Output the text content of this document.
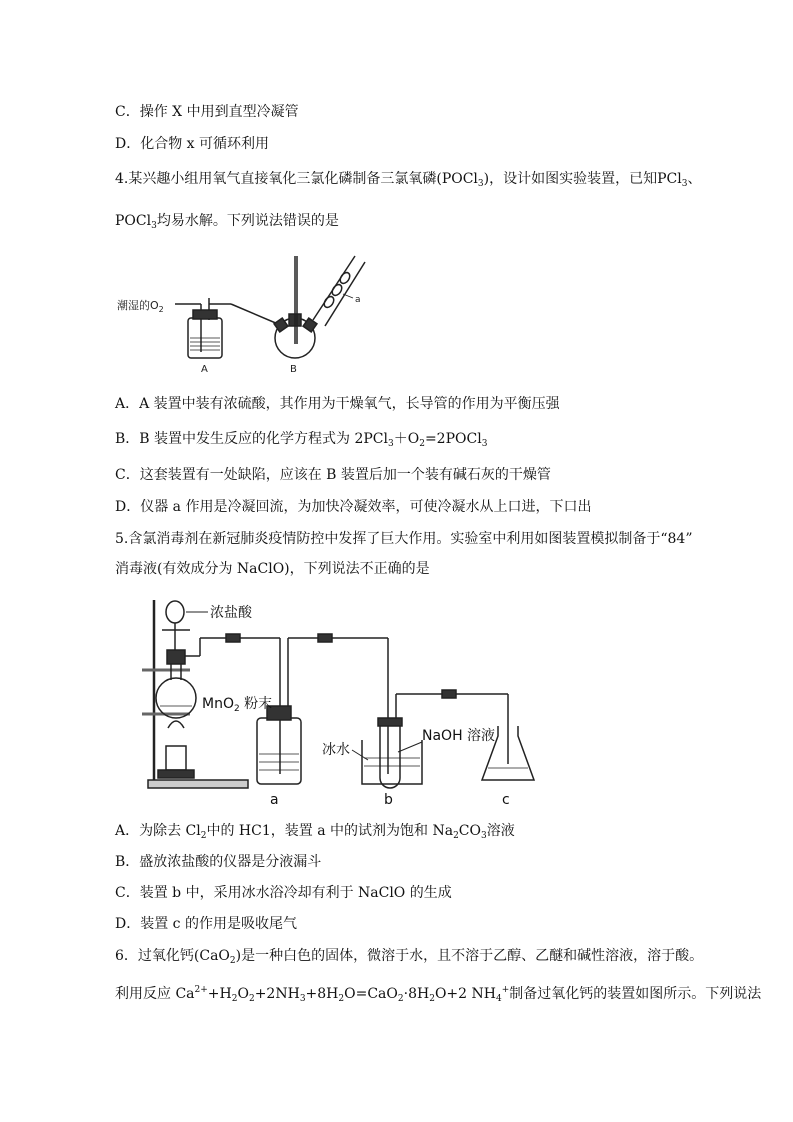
C．操作 X 中用到直型冷凝管
D．化合物 x 可循环利用
4.某兴趣小组用氧气直接氧化三氯化磷制备三氯氧磷(POCl$_3$)，设计如图实验装置，已知PCl$_3$、
POCl$_3$均易水解。下列说法错误的是
潮湿的$O_2$
A	B
a
A．A 装置中装有浓硫酸，其作用为干燥氧气，长导管的作用为平衡压强
B．B 装置中发生反应的化学方程式为 $2PCl_3+O_2=2POCl_3$
C．这套装置有一处缺陷，应该在 B 装置后加一个装有碱石灰的干燥管
D．仪器 a 作用是冷凝回流，为加快冷凝效率，可使冷凝水从上口进，下口出
5.含氯消毒剂在新冠肺炎疫情防控中发挥了巨大作用。实验室中利用如图装置模拟制备于“84”
消毒液(有效成分为 NaClO)，下列说法不正确的是
浓盐酸
MnO$_2$ 粉末
冰水
NaOH 溶液
a	b	c
A．为除去 $Cl_2$中的 HC1，装置 a 中的试剂为饱和 $Na_2CO_3$溶液
B．盛放浓盐酸的仪器是分液漏斗
C．装置 b 中，采用冰水浴冷却有利于 NaClO 的生成
D．装置 c 的作用是吸收尾气
6．过氧化钙(CaO$_2$)是一种白色的固体，微溶于水，且不溶于乙醇、乙醚和碱性溶液，溶于酸。
利用反应 $Ca^{2+}+H_2O_2+2NH_3+8H_2O=CaO_2\cdot 8H_2O+2$ $NH_4^+$制备过氧化钙的装置如图所示。下列说法
